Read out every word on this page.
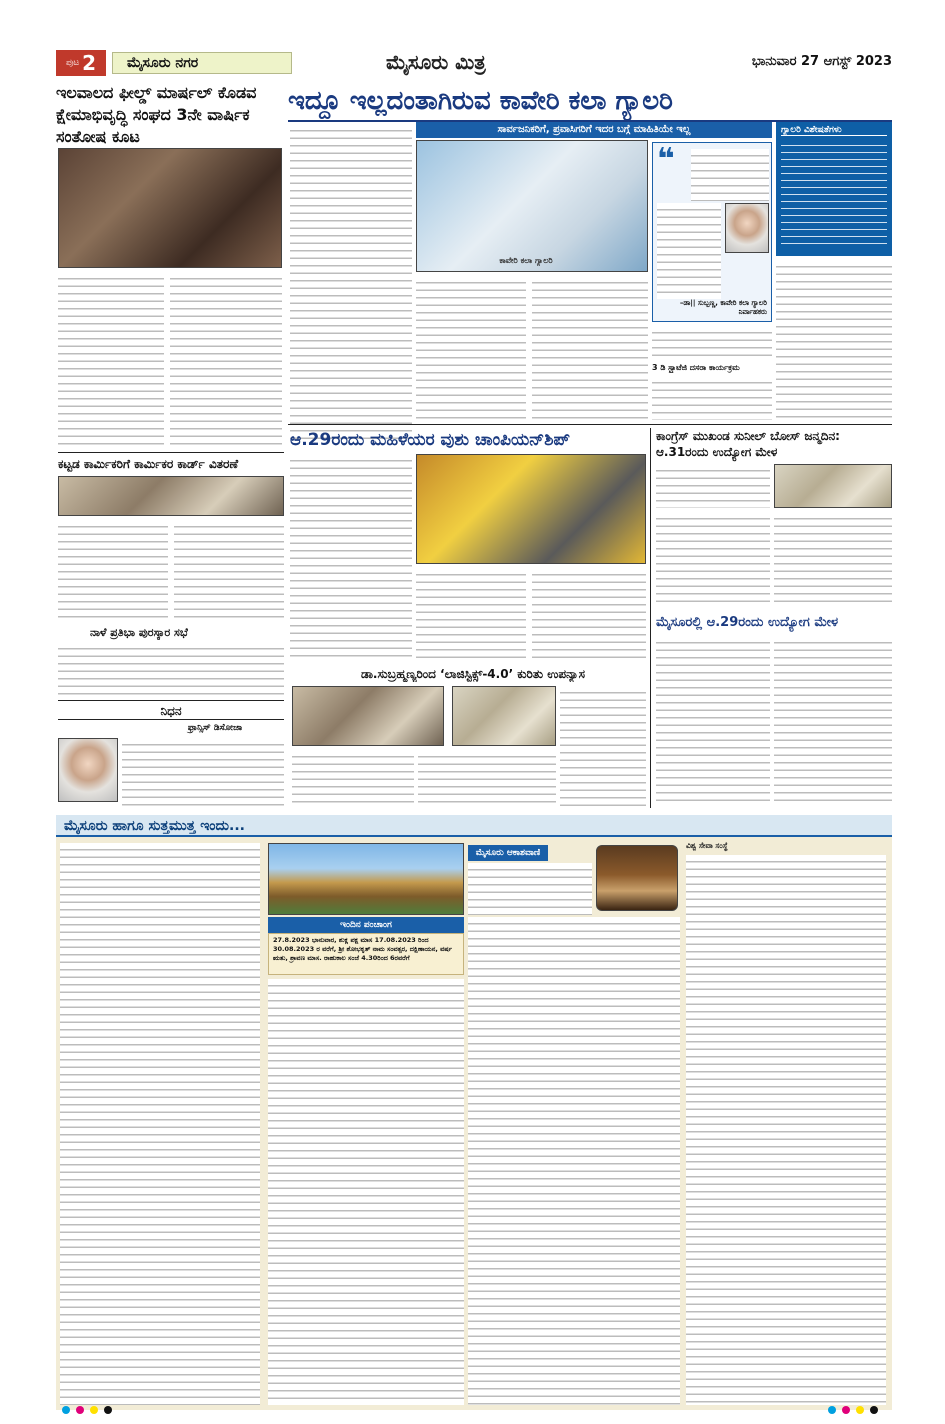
ಪುಟ 2	ಮೈಸೂರು ನಗರ	ಮೈಸೂರು ಮಿತ್ರ	ಭಾನುವಾರ 27 ಆಗಸ್ಟ್ 2023
ಇದ್ದೂ ಇಲ್ಲದಂತಾಗಿರುವ ಕಾವೇರಿ ಕಲಾ ಗ್ಯಾಲರಿ
ಇಲವಾಲದ ಫೀಲ್ಡ್ ಮಾರ್ಷಲ್ ಕೊಡವ ಕ್ಷೇಮಾಭಿವೃದ್ಧಿ ಸಂಘದ 3ನೇ ವಾರ್ಷಿಕ ಸಂತೋಷ ಕೂಟ
ಕಟ್ಟಡ ಕಾರ್ಮಿಕರಿಗೆ ಕಾರ್ಮಿಕರ ಕಾರ್ಡ್ ವಿತರಣೆ
ನಾಳೆ ಪ್ರತಿಭಾ ಪುರಸ್ಕಾರ ಸಭೆ
ನಿಧನ
ಫ್ರಾನ್ಸಿಸ್ ಡಿಸೋಜಾ
ಸಾರ್ವಜನಿಕರಿಗೆ, ಪ್ರವಾಸಿಗರಿಗೆ ಇದರ ಬಗ್ಗೆ ಮಾಹಿತಿಯೇ ಇಲ್ಲ
ಕಾವೇರಿ ಕಲಾ ಗ್ಯಾಲರಿ
❝
–ಡಾ|| ಸುಬ್ಬಣ್ಣ, ಕಾವೇರಿ ಕಲಾ ಗ್ಯಾಲರಿ ನಿರ್ವಾಹಕರು
ಗ್ಯಾಲರಿ ವಿಶೇಷತೆಗಳು
3 ಡಿ ಸ್ಟ್ರಾಟೆಜಿ ದಸರಾ ಕಾರ್ಯಕ್ರಮ
ಆ.29ರಂದು ಮಹಿಳೆಯರ ವುಶು ಚಾಂಪಿಯನ್‌ಶಿಪ್
ಡಾ.ಸುಬ್ರಹ್ಮಣ್ಯರಿಂದ ‘ಲಾಜಿಸ್ಟಿಕ್ಸ್-4.0’ ಕುರಿತು ಉಪನ್ಯಾಸ
ಕಾಂಗ್ರೆಸ್ ಮುಖಂಡ ಸುನೀಲ್ ಬೋಸ್ ಜನ್ಮದಿನ: ಆ.31ರಂದು ಉದ್ಯೋಗ ಮೇಳ
ಮೈಸೂರಲ್ಲಿ ಆ.29ರಂದು ಉದ್ಯೋಗ ಮೇಳ
ಮೈಸೂರು ಹಾಗೂ ಸುತ್ತಮುತ್ತ ಇಂದು...
ಇಂದಿನ ಪಂಚಾಂಗ
27.8.2023 ಭಾನುವಾರ, ಶುಕ್ಲ ಪಕ್ಷ ಮಾಸ 17.08.2023 ರಿಂದ 30.08.2023 ರ ವರೆಗೆ, ಶ್ರೀ ಶೋಭಕೃತ್ ನಾಮ ಸಂವತ್ಸರ, ದಕ್ಷಿಣಾಯನ, ವರ್ಷ ಋತು, ಶ್ರಾವಣ ಮಾಸ. ರಾಹುಕಾಲ ಸಂಜೆ 4.30ರಿಂದ 6ರವರೆಗೆ
ಮೈಸೂರು ಆಕಾಶವಾಣಿ
ವಿಶ್ವ ಸೇವಾ ಸಂಸ್ಥೆ
